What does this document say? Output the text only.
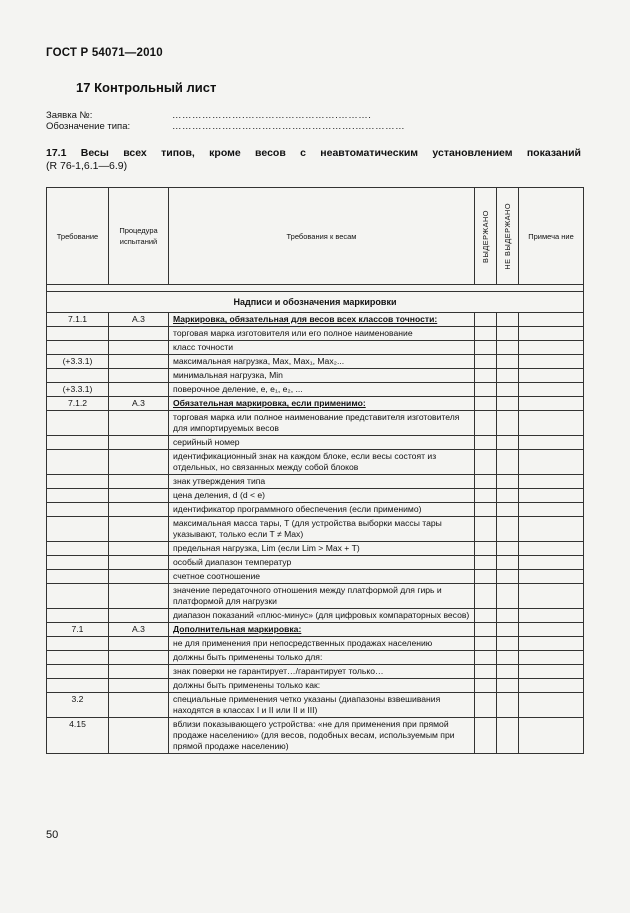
ГОСТ Р 54071—2010
17 Контрольный лист
Заявка №:	………………….……………………….……….
Обозначение типа:	……………………………………………….……………
17.1 Весы всех типов, кроме весов с неавтоматическим установлением показаний
(R 76-1,6.1—6.9)
Требование	Процедура испытаний	Требования к весам	ВЫДЕРЖАНО	НЕ ВЫДЕРЖАНО	Примеча ние

Надписи и обозначения маркировки					
7.1.1	А.3	Маркировка, обязательная для весов всех классов точности:			
		торговая марка изготовителя или его полное наименование			
		класс точности			
(+3.3.1)		максимальная нагрузка, Max, Max₁, Max₂...			
		минимальная нагрузка, Min			
(+3.3.1)		поверочное деление, e, e₁, e₂, ...			
7.1.2	А.3	Обязательная маркировка, если применимо:			
		торговая марка или полное наименование представителя изготовителя для импортируемых весов			
		серийный номер			
		идентификационный знак на каждом блоке, если весы состоят из отдельных, но связанных между собой блоков			
		знак утверждения типа			
		цена деления, d (d < e)			
		идентификатор программного обеспечения (если применимо)			
		максимальная масса тары, T (для устройства выборки массы тары указывают, только если T ≠ Max)			
		предельная нагрузка, Lim (если Lim > Max + T)			
		особый диапазон температур			
		счетное соотношение			
		значение передаточного отношения между платформой для гирь и платформой для нагрузки			
		диапазон показаний «плюс-минус» (для цифровых компараторных весов)			
7.1	А.3	Дополнительная маркировка:			
		не для применения при непосредственных продажах населению			
		должны быть применены только для:			
		знак поверки не гарантирует…/гарантирует только…			
		должны быть применены только как:			
3.2		специальные применения четко указаны (диапазоны взвешивания находятся в классах I и II или II и III)			
4.15		вблизи показывающего устройства: «не для применения при прямой продаже населению» (для весов, подобных весам, используемым при прямой продаже населению)			
50
